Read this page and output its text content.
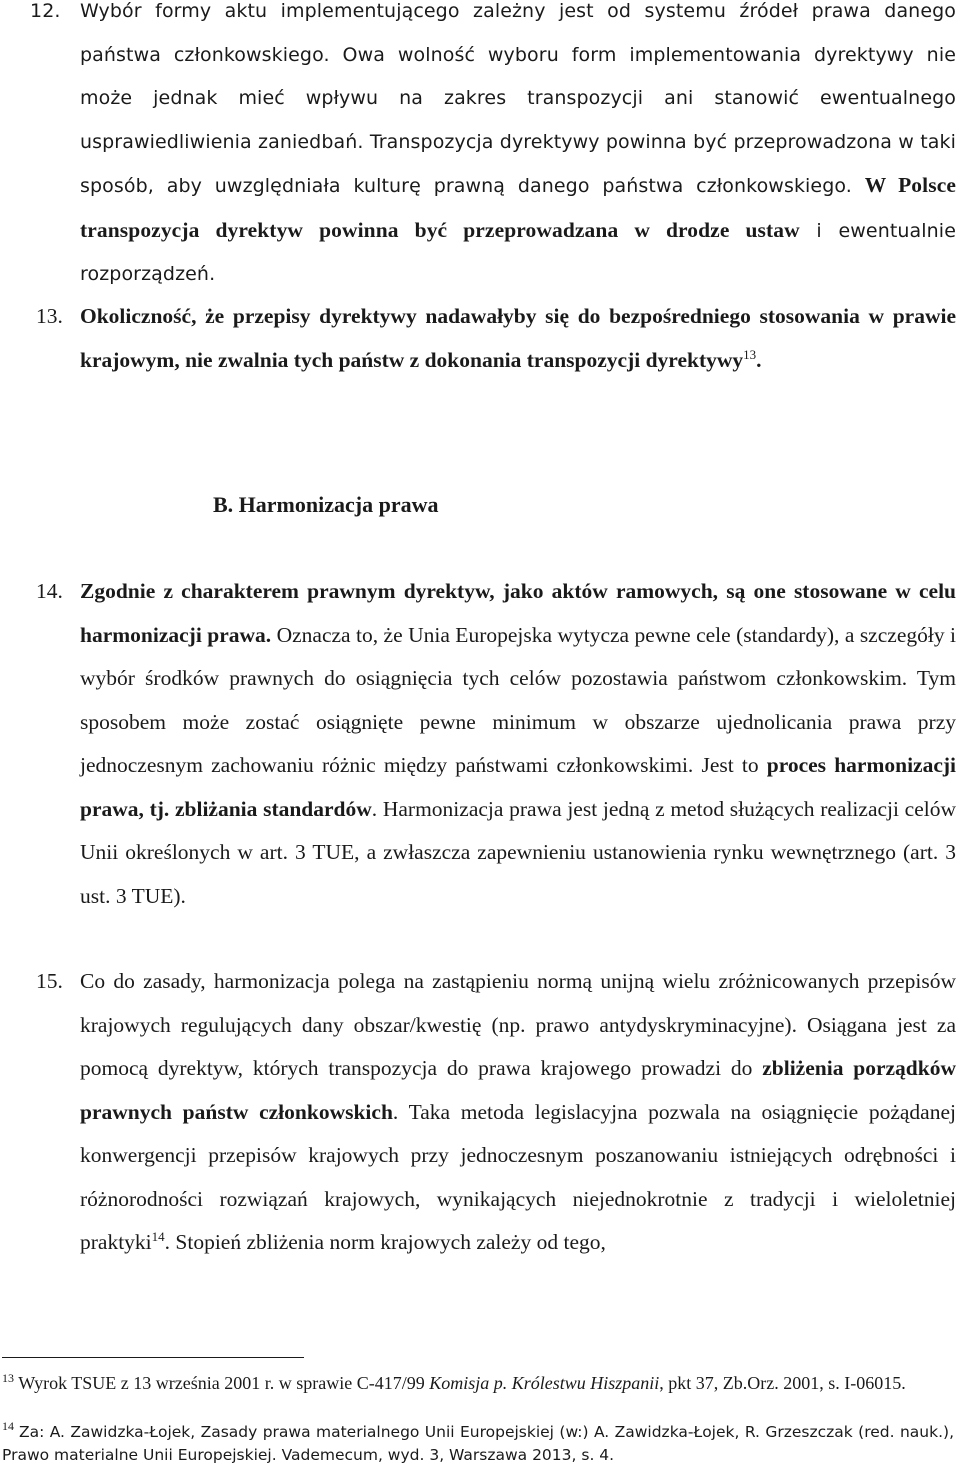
12.	Wybór formy aktu implementującego zależny jest od systemu źródeł prawa danego państwa członkowskiego. Owa wolność wyboru form implementowania dyrektywy nie może jednak mieć wpływu na zakres transpozycji ani stanowić ewentualnego usprawiedliwienia zaniedbań. Transpozycja dyrektywy powinna być przeprowadzona w taki sposób, aby uwzględniała kulturę prawną danego państwa członkowskiego. W Polsce transpozycja dyrektyw powinna być przeprowadzana w drodze ustaw i ewentualnie rozporządzeń.
13. Okoliczność, że przepisy dyrektywy nadawałyby się do bezpośredniego stosowania w prawie krajowym, nie zwalnia tych państw z dokonania transpozycji dyrektywy$^{13}$.
B. Harmonizacja prawa
14. Zgodnie z charakterem prawnym dyrektyw, jako aktów ramowych, są one stosowane w celu harmonizacji prawa. Oznacza to, że Unia Europejska wytycza pewne cele (standardy), a szczegóły i wybór środków prawnych do osiągnięcia tych celów pozostawia państwom członkowskim. Tym sposobem może zostać osiągnięte pewne minimum w obszarze ujednolicania prawa przy jednoczesnym zachowaniu różnic między państwami członkowskimi. Jest to proces harmonizacji prawa, tj. zbliżania standardów. Harmonizacja prawa jest jedną z metod służących realizacji celów Unii określonych w art. 3 TUE, a zwłaszcza zapewnieniu ustanowienia rynku wewnętrznego (art. 3 ust. 3 TUE).
15. Co do zasady, harmonizacja polega na zastąpieniu normą unijną wielu zróżnicowanych przepisów krajowych regulujących dany obszar/kwestię (np. prawo antydyskryminacyjne). Osiągana jest za pomocą dyrektyw, których transpozycja do prawa krajowego prowadzi do zbliżenia porządków prawnych państw członkowskich. Taka metoda legislacyjna pozwala na osiągnięcie pożądanej konwergencji przepisów krajowych przy jednoczesnym poszanowaniu istniejących odrębności i różnorodności rozwiązań krajowych, wynikających niejednokrotnie z tradycji i wieloletniej praktyki$^{14}$. Stopień zbliżenia norm krajowych zależy od tego,
$^{13}$ Wyrok TSUE z 13 września 2001 r. w sprawie C-417/99 Komisja p. Królestwu Hiszpanii, pkt 37, Zb.Orz. 2001, s. I-06015.
$^{14}$ Za: A. Zawidzka-Łojek, Zasady prawa materialnego Unii Europejskiej (w:) A. Zawidzka-Łojek, R. Grzeszczak (red. nauk.), Prawo materialne Unii Europejskiej. Vademecum, wyd. 3, Warszawa 2013, s. 4.
